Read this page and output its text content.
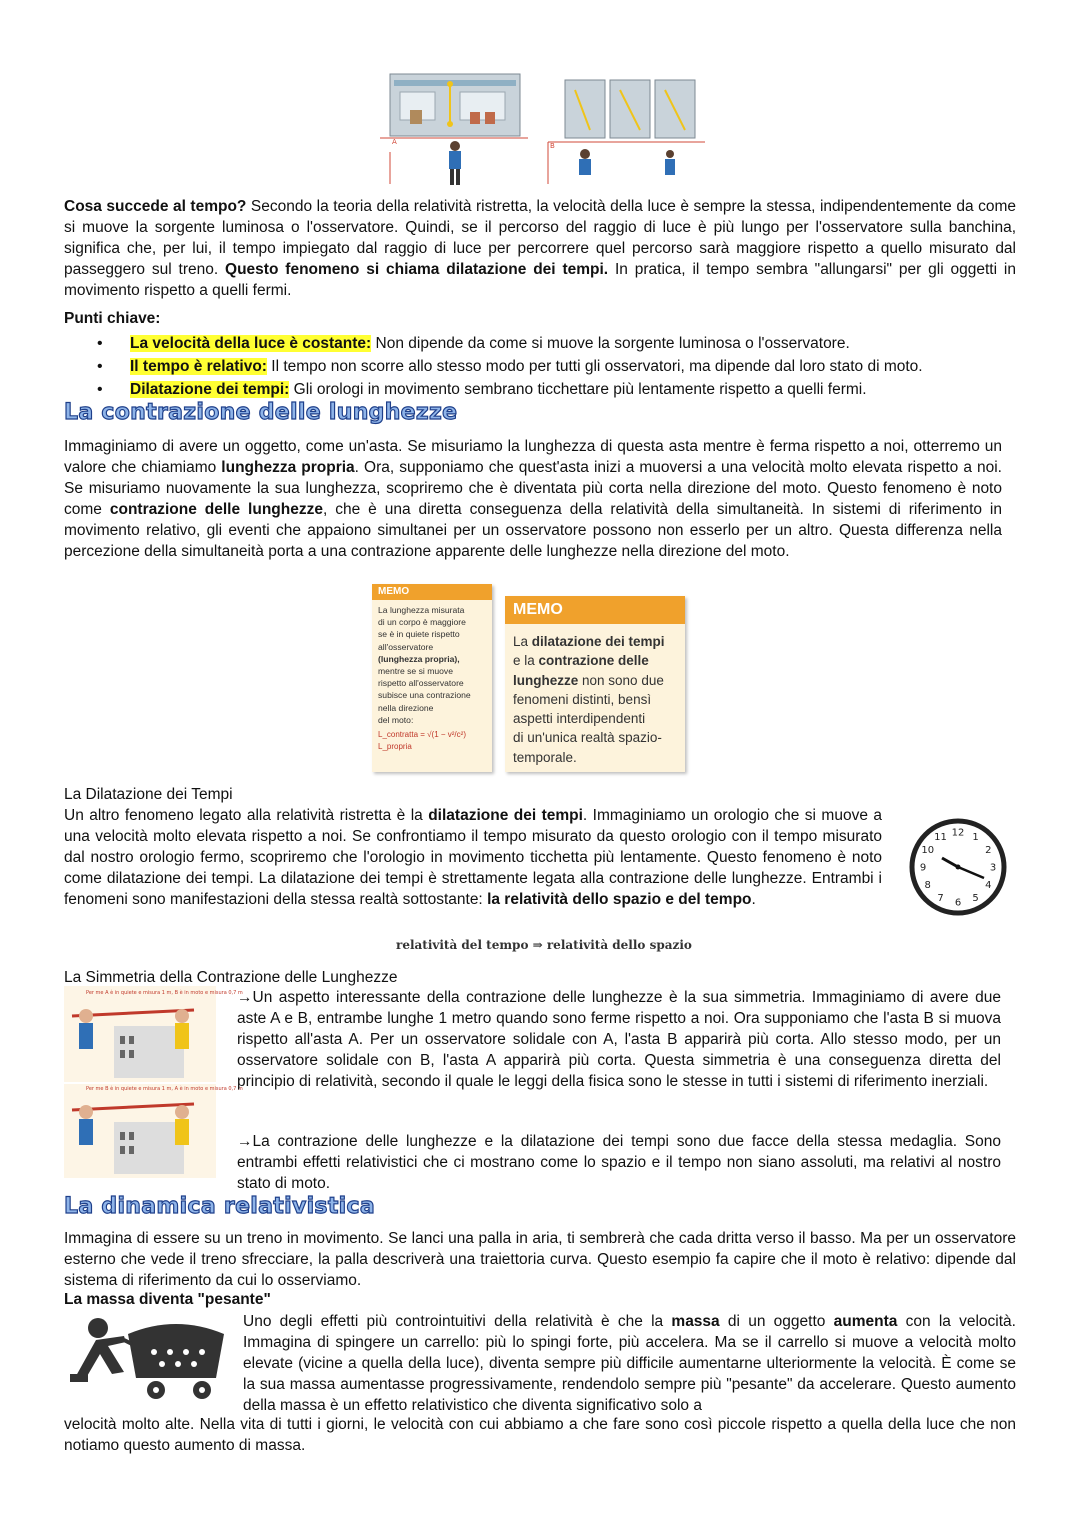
A	B

Cosa succede al tempo? Secondo la teoria della relatività ristretta, la velocità della luce è sempre la stessa, indipendentemente da come si muove la sorgente luminosa o l'osservatore. Quindi, se il percorso del raggio di luce è più lungo per l'osservatore sulla banchina, significa che, per lui, il tempo impiegato dal raggio di luce per percorrere quel percorso sarà maggiore rispetto a quello misurato dal passeggero sul treno. Questo fenomeno si chiama dilatazione dei tempi. In pratica, il tempo sembra "allungarsi" per gli oggetti in movimento rispetto a quelli fermi.

Punti chiave:
• La velocità della luce è costante: Non dipende da come si muove la sorgente luminosa o l'osservatore.
• Il tempo è relativo: Il tempo non scorre allo stesso modo per tutti gli osservatori, ma dipende dal loro stato di moto.
• Dilatazione dei tempi: Gli orologi in movimento sembrano ticchettare più lentamente rispetto a quelli fermi.
La contrazione delle lunghezze

Immaginiamo di avere un oggetto, come un'asta. Se misuriamo la lunghezza di questa asta mentre è ferma rispetto a noi, otterremo un valore che chiamiamo lunghezza propria. Ora, supponiamo che quest'asta inizi a muoversi a una velocità molto elevata rispetto a noi. Se misuriamo nuovamente la sua lunghezza, scopriremo che è diventata più corta nella direzione del moto. Questo fenomeno è noto come contrazione delle lunghezze, che è una diretta conseguenza della relatività della simultaneità. In sistemi di riferimento in movimento relativo, gli eventi che appaiono simultanei per un osservatore possono non esserlo per un altro. Questa differenza nella percezione della simultaneità porta a una contrazione apparente delle lunghezze nella direzione del moto.

MEMO
La lunghezza misurata
di un corpo è maggiore
se è in quiete rispetto
all'osservatore
(lunghezza propria),
mentre se si muove
rispetto all'osservatore
subisce una contrazione
nella direzione
del moto:
L_contratta = √(1 − v²/c²) L_propria
MEMO
La dilatazione dei tempi
e la contrazione delle
lunghezze non sono due
fenomeni distinti, bensì
aspetti interdipendenti
di un'unica realtà spazio-
temporale.
La Dilatazione dei Tempi

Un altro fenomeno legato alla relatività ristretta è la dilatazione dei tempi. Immaginiamo un orologio che si muove a una velocità molto elevata rispetto a noi. Se confrontiamo il tempo misurato da questo orologio con il tempo misurato dal nostro orologio fermo, scopriremo che l'orologio in movimento ticchetta più lentamente. Questo fenomeno è noto come dilatazione dei tempi. La dilatazione dei tempi è strettamente legata alla contrazione delle lunghezze. Entrambi i fenomeni sono manifestazioni della stessa realtà sottostante: la relatività dello spazio e del tempo.

12 1
2
3
4
5
6
7
8
9
10
11
relatività del tempo ⇒ relatività dello spazio
La Simmetria della Contrazione delle Lunghezze
Per me A è in quiete e misura 1 m, B è in moto e misura 0,7 m
Per me B è in quiete e misura 1 m, A è in moto e misura 0,7 m

→Un aspetto interessante della contrazione delle lunghezze è la sua simmetria. Immaginiamo di avere due aste A e B, entrambe lunghe 1 metro quando sono ferme rispetto a noi. Ora supponiamo che l'asta B si muova rispetto all'asta A. Per un osservatore solidale con A, l'asta B apparirà più corta. Allo stesso modo, per un osservatore solidale con B, l'asta A apparirà più corta. Questa simmetria è una conseguenza diretta del principio di relatività, secondo il quale le leggi della fisica sono le stesse in tutti i sistemi di riferimento inerziali.

→La contrazione delle lunghezze e la dilatazione dei tempi sono due facce della stessa medaglia. Sono entrambi effetti relativistici che ci mostrano come lo spazio e il tempo non siano assoluti, ma relativi al nostro stato di moto.

La dinamica relativistica

Immagina di essere su un treno in movimento. Se lanci una palla in aria, ti sembrerà che cada dritta verso il basso. Ma per un osservatore esterno che vede il treno sfrecciare, la palla descriverà una traiettoria curva. Questo esempio fa capire che il moto è relativo: dipende dal sistema di riferimento da cui lo osserviamo.

La massa diventa "pesante"

Uno degli effetti più controintuitivi della relatività è che la massa di un oggetto aumenta con la velocità. Immagina di spingere un carrello: più lo spingi forte, più accelera. Ma se il carrello si muove a velocità molto elevate (vicine a quella della luce), diventa sempre più difficile aumentarne ulteriormente la velocità. È come se la sua massa aumentasse progressivamente, rendendolo sempre più "pesante" da accelerare. Questo aumento della massa è un effetto relativistico che diventa significativo solo a

velocità molto alte. Nella vita di tutti i giorni, le velocità con cui abbiamo a che fare sono così piccole rispetto a quella della luce che non notiamo questo aumento di massa.
